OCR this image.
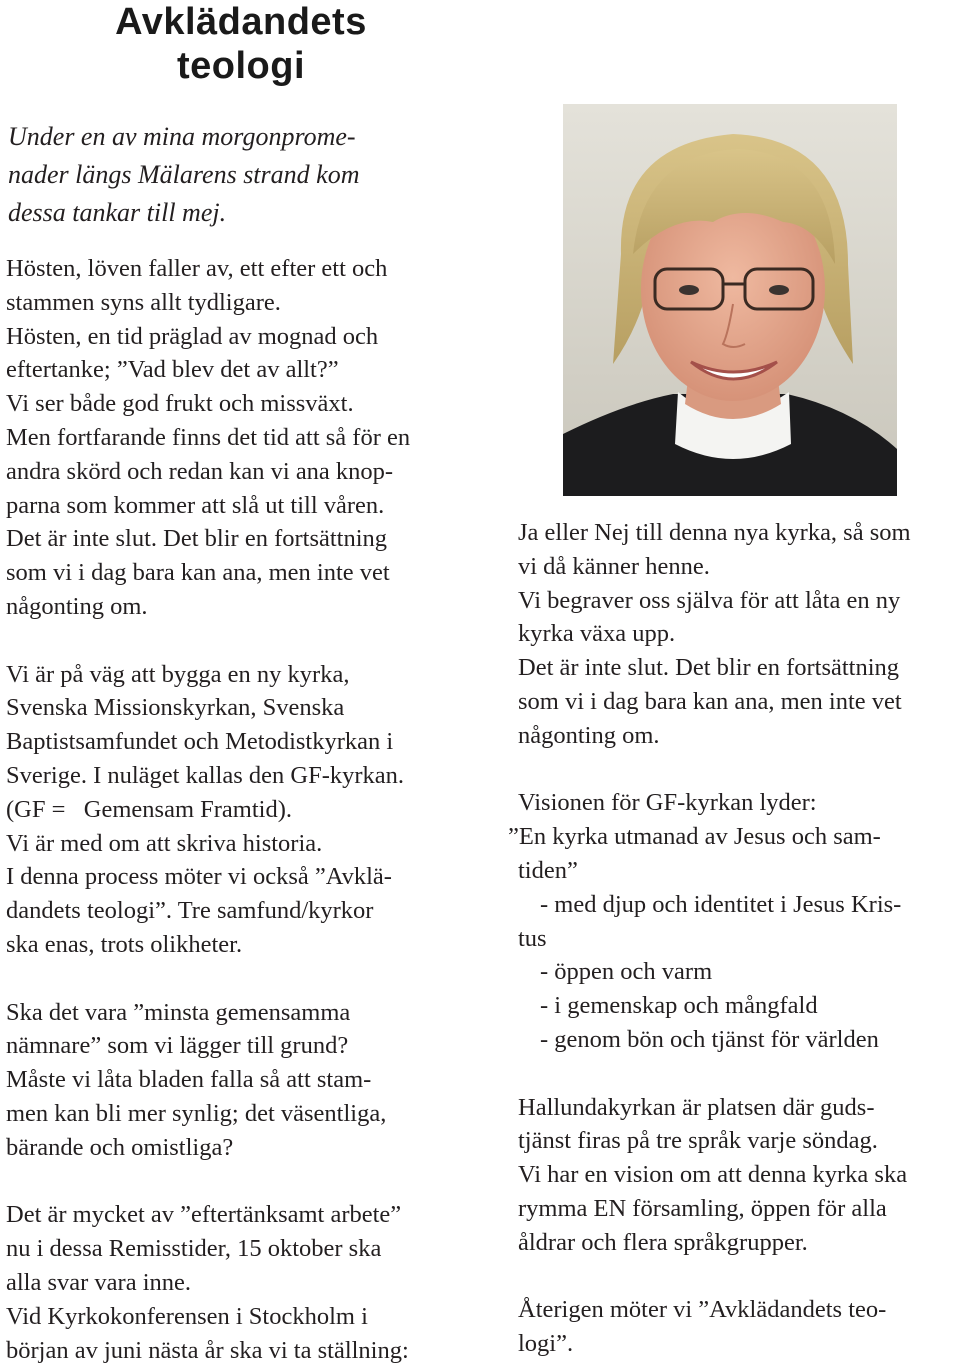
Avklädandets teologi

Under en av mina morgonprome-

nader längs Mälarens strand kom

dessa tankar till mej.

Hösten, löven faller av, ett efter ett och

stammen syns allt tydligare.

Hösten, en tid präglad av mognad och

eftertanke; ”Vad blev det av allt?”

Vi ser både god frukt och missväxt.

Men fortfarande finns det tid att så för en

andra skörd och redan kan vi ana knop-

parna som kommer att slå ut till våren.

Det är inte slut. Det blir en fortsättning

som vi i dag bara kan ana, men inte vet

någonting om.

Vi är på väg att bygga en ny kyrka,

Svenska Missionskyrkan, Svenska

Baptistsamfundet och Metodistkyrkan i

Sverige. I nuläget kallas den GF-kyrkan.

(GF =   Gemensam Framtid).

Vi är med om att skriva historia.

I denna process möter vi också ”Avklä-

dandets teologi”. Tre samfund/kyrkor

ska enas, trots olikheter.

Ska det vara ”minsta gemensamma

nämnare” som vi lägger till grund?

Måste vi låta bladen falla så att stam-

men kan bli mer synlig; det väsentliga,

bärande och omistliga?

Det är mycket av ”eftertänksamt arbete”

nu i dessa Remisstider, 15 oktober ska

alla svar vara inne.

Vid Kyrkokonferensen i Stockholm i

början av juni nästa år ska vi ta ställning:

Ja eller Nej till denna nya kyrka, så som

vi då känner henne.

Vi begraver oss själva för att låta en ny

kyrka växa upp.

Det är inte slut. Det blir en fortsättning

som vi i dag bara kan ana, men inte vet

någonting om.

Visionen för GF-kyrkan lyder:

”En kyrka utmanad av Jesus och sam-

tiden”

- med djup och identitet i Jesus Kris-

tus

- öppen och varm

- i gemenskap och mångfald

- genom bön och tjänst för världen

Hallundakyrkan är platsen där guds-

tjänst firas på tre språk varje söndag.

Vi har en vision om att denna kyrka ska

rymma EN församling, öppen för alla

åldrar och flera språkgrupper.

Återigen möter vi ”Avklädandets teo-

logi”.
